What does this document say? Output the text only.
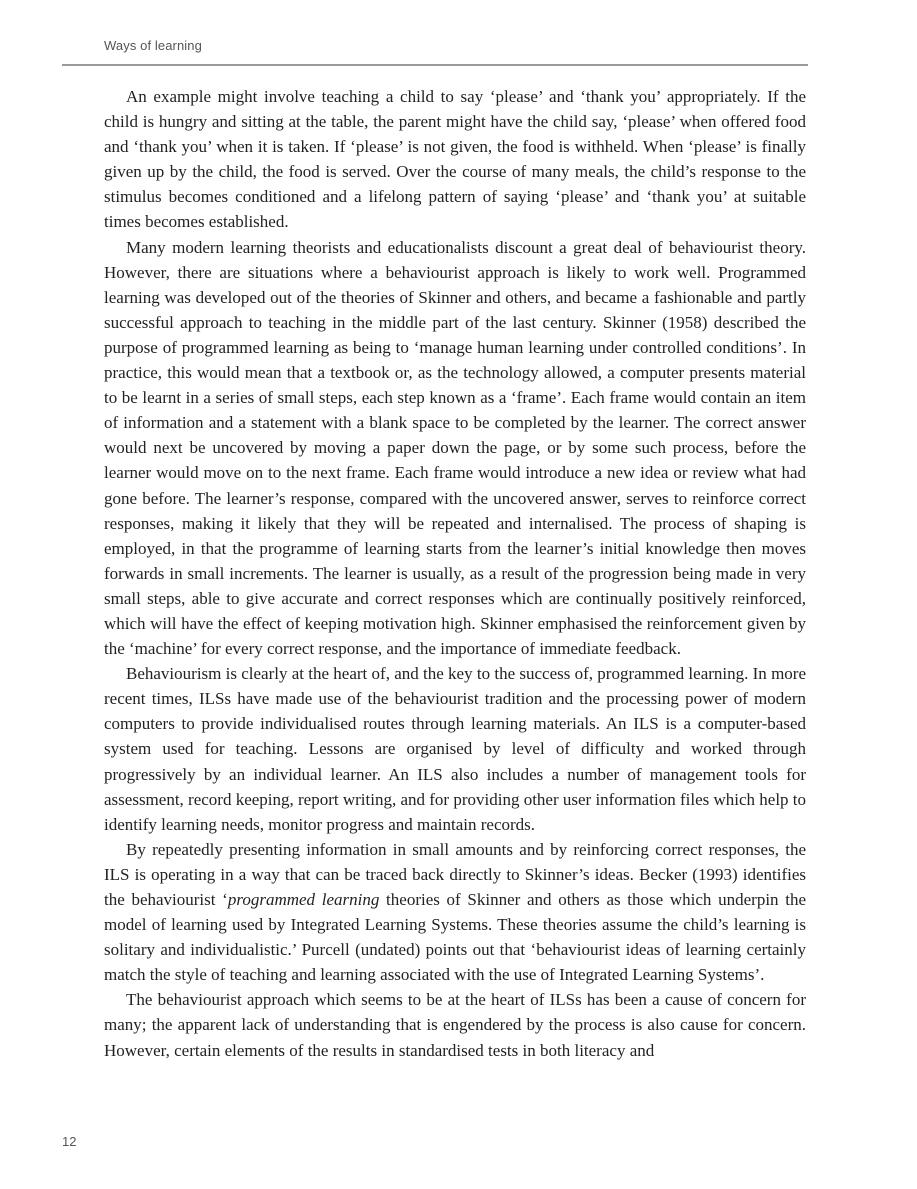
Ways of learning

An example might involve teaching a child to say ‘please’ and ‘thank you’ appropriately. If the child is hungry and sitting at the table, the parent might have the child say, ‘please’ when offered food and ‘thank you’ when it is taken. If ‘please’ is not given, the food is withheld. When ‘please’ is finally given up by the child, the food is served. Over the course of many meals, the child’s response to the stimulus becomes conditioned and a lifelong pattern of saying ‘please’ and ‘thank you’ at suitable times becomes established.

Many modern learning theorists and educationalists discount a great deal of behaviourist theory. However, there are situations where a behaviourist approach is likely to work well. Programmed learning was developed out of the theories of Skinner and others, and became a fashionable and partly successful approach to teaching in the middle part of the last century. Skinner (1958) described the purpose of programmed learning as being to ‘manage human learning under controlled conditions’. In practice, this would mean that a textbook or, as the technology allowed, a computer presents material to be learnt in a series of small steps, each step known as a ‘frame’. Each frame would contain an item of information and a statement with a blank space to be completed by the learner. The correct answer would next be uncovered by moving a paper down the page, or by some such process, before the learner would move on to the next frame. Each frame would introduce a new idea or review what had gone before. The learner’s response, compared with the uncovered answer, serves to reinforce correct responses, making it likely that they will be repeated and internalised. The process of shaping is employed, in that the programme of learning starts from the learner’s initial knowledge then moves forwards in small increments. The learner is usually, as a result of the progression being made in very small steps, able to give accurate and correct responses which are continually positively reinforced, which will have the effect of keeping motivation high. Skinner emphasised the reinforcement given by the ‘machine’ for every correct response, and the importance of immediate feedback.

Behaviourism is clearly at the heart of, and the key to the success of, programmed learning. In more recent times, ILSs have made use of the behaviourist tradition and the processing power of modern computers to provide individualised routes through learning materials. An ILS is a computer-based system used for teaching. Lessons are organised by level of difficulty and worked through progressively by an individual learner. An ILS also includes a number of management tools for assessment, record keeping, report writing, and for providing other user information files which help to identify learning needs, monitor progress and maintain records.

By repeatedly presenting information in small amounts and by reinforcing correct responses, the ILS is operating in a way that can be traced back directly to Skinner’s ideas. Becker (1993) identifies the behaviourist ‘programmed learning theories of Skinner and others as those which underpin the model of learning used by Integrated Learning Systems. These theories assume the child’s learning is solitary and individualistic.’ Purcell (undated) points out that ‘behaviourist ideas of learning certainly match the style of teaching and learning associated with the use of Integrated Learning Systems’.

The behaviourist approach which seems to be at the heart of ILSs has been a cause of concern for many; the apparent lack of understanding that is engendered by the process is also cause for concern. However, certain elements of the results in standardised tests in both literacy and

12
